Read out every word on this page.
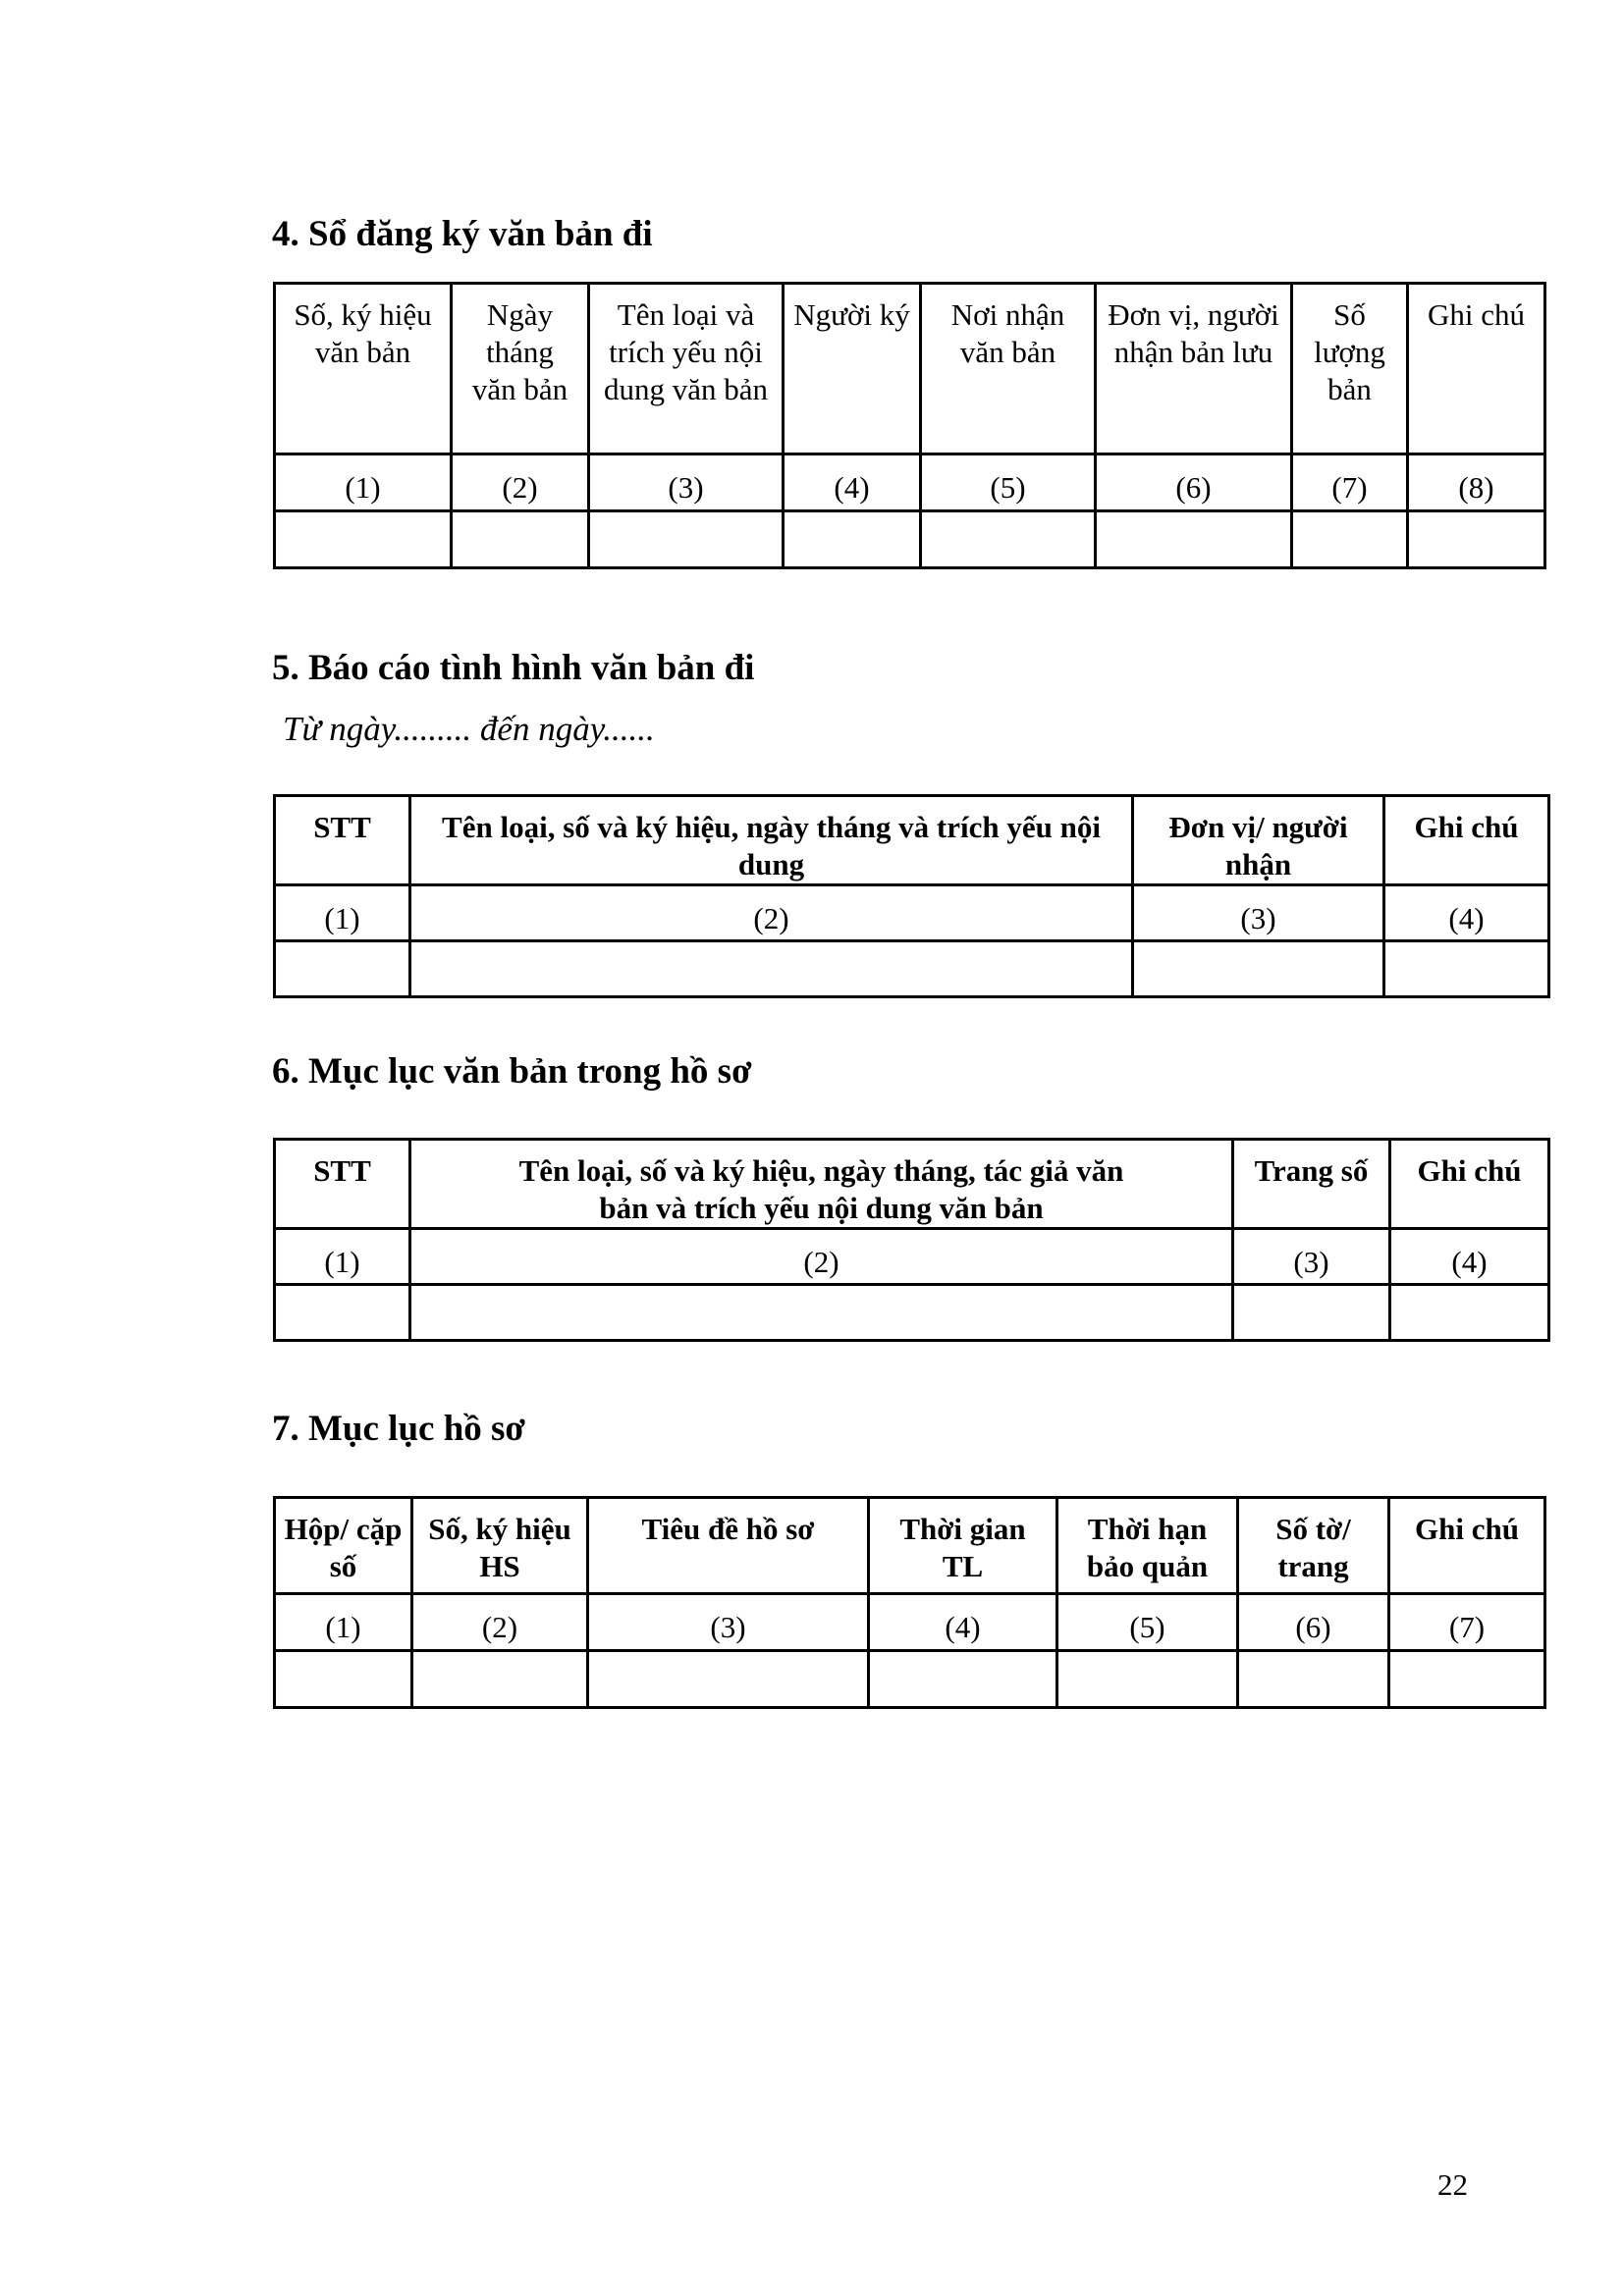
4. Sổ đăng ký văn bản đi
Số, ký hiệu văn bản	Ngày tháng văn bản	Tên loại và trích yếu nội dung văn bản	Người ký	Nơi nhận văn bản	Đơn vị, người nhận bản lưu	Số lượng bản	Ghi chú
(1)	(2)	(3)	(4)	(5)	(6)	(7)	(8)

5. Báo cáo tình hình văn bản đi

Từ ngày......... đến ngày......

STT	Tên loại, số và ký hiệu, ngày tháng và trích yếu nội dung	Đơn vị/ người nhận	Ghi chú
(1)	(2)	(3)	(4)

6. Mục lục văn bản trong hồ sơ
STT	Tên loại, số và ký hiệu, ngày tháng, tác giả văn bản và trích yếu nội dung văn bản	Trang số	Ghi chú
(1)	(2)	(3)	(4)

7. Mục lục hồ sơ
Hộp/ cặp số	Số, ký hiệu HS	Tiêu đề hồ sơ	Thời gian TL	Thời hạn bảo quản	Số tờ/ trang	Ghi chú
(1)	(2)	(3)	(4)	(5)	(6)	(7)

22
